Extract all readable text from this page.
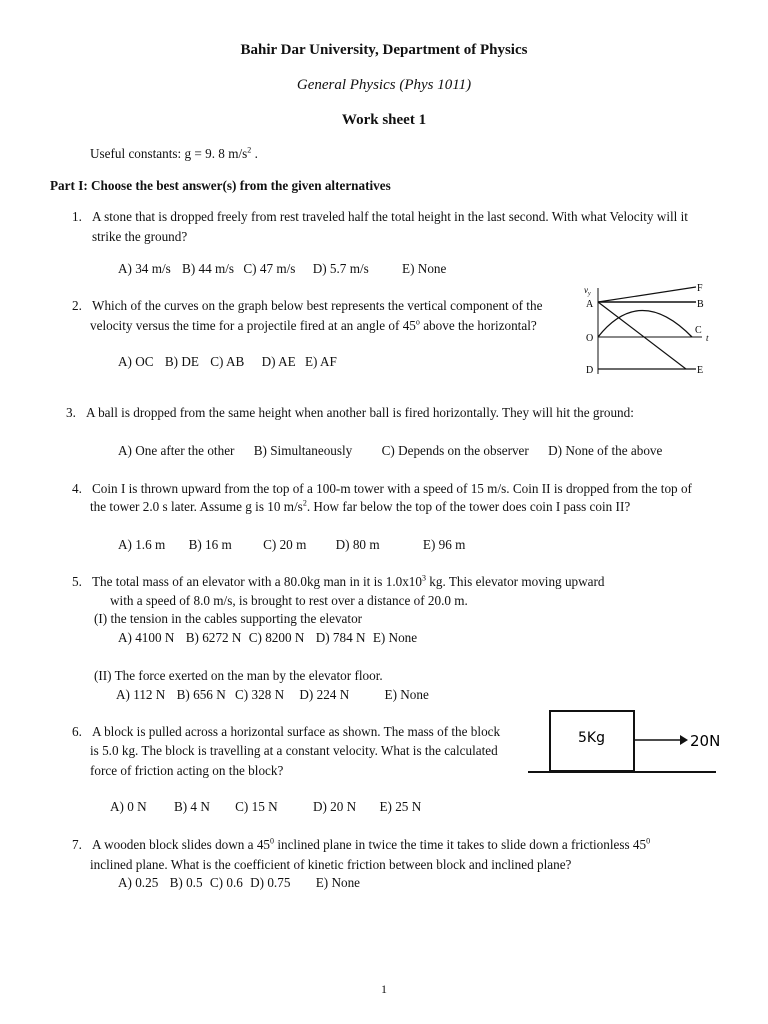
Bahir Dar University, Department of Physics
General Physics (Phys 1011)
Work sheet 1
Useful constants: g = 9. 8 $m/s^2$ .
Part I: Choose the best answer(s) from the given alternatives
1. A stone that is dropped freely from rest traveled half the total height in the last second. With what Velocity will it
strike the ground?
A) 34 m/s B) 44 m/s C) 47 m/s D) 5.7 m/s	E) None
2. Which of the curves on the graph below best represents the vertical component of the
velocity versus the time for a projectile fired at an angle of 45$^o$ above the horizontal?
A) OC B) DE C) AB D) AE E) AF
$v_y$
A
O
D
F
B
C
t
E
3. A ball is dropped from the same height when another ball is fired horizontally. They will hit the ground:
A) One after the other B) Simultaneously C) Depends on the observer D) None of the above
4. Coin I is thrown upward from the top of a 100-m tower with a speed of 15 m/s. Coin II is dropped from the top of
the tower 2.0 s later. Assume g is 10 $m/s^2$. How far below the top of the tower does coin I pass coin II?
A) 1.6 m B) 16 m C) 20 m D) 80 m	E) 96 m
5. The total mass of an elevator with a 80.0kg man in it is $1.0x10^3$ kg. This elevator moving upward
with a speed of 8.0 m/s, is brought to rest over a distance of 20.0 m.
(I) the tension in the cables supporting the elevator
A) 4100 N B) 6272 N C) 8200 N D) 784 N E) None
(II) The force exerted on the man by the elevator floor.
A) 112 N B) 656 N C) 328 N D) 224 N	E) None
6. A block is pulled across a horizontal surface as shown. The mass of the block
is 5.0 kg. The block is travelling at a constant velocity. What is the calculated
force of friction acting on the block?
A) 0 N B) 4 N C) 15 N	D) 20 N E) 25 N
5Kg	20N
7. A wooden block slides down a $45^0$ inclined plane in twice the time it takes to slide down a frictionless $45^0$
inclined plane. What is the coefficient of kinetic friction between block and inclined plane?
A) 0.25 B) 0.5 C) 0.6 D) 0.75 E) None
1
